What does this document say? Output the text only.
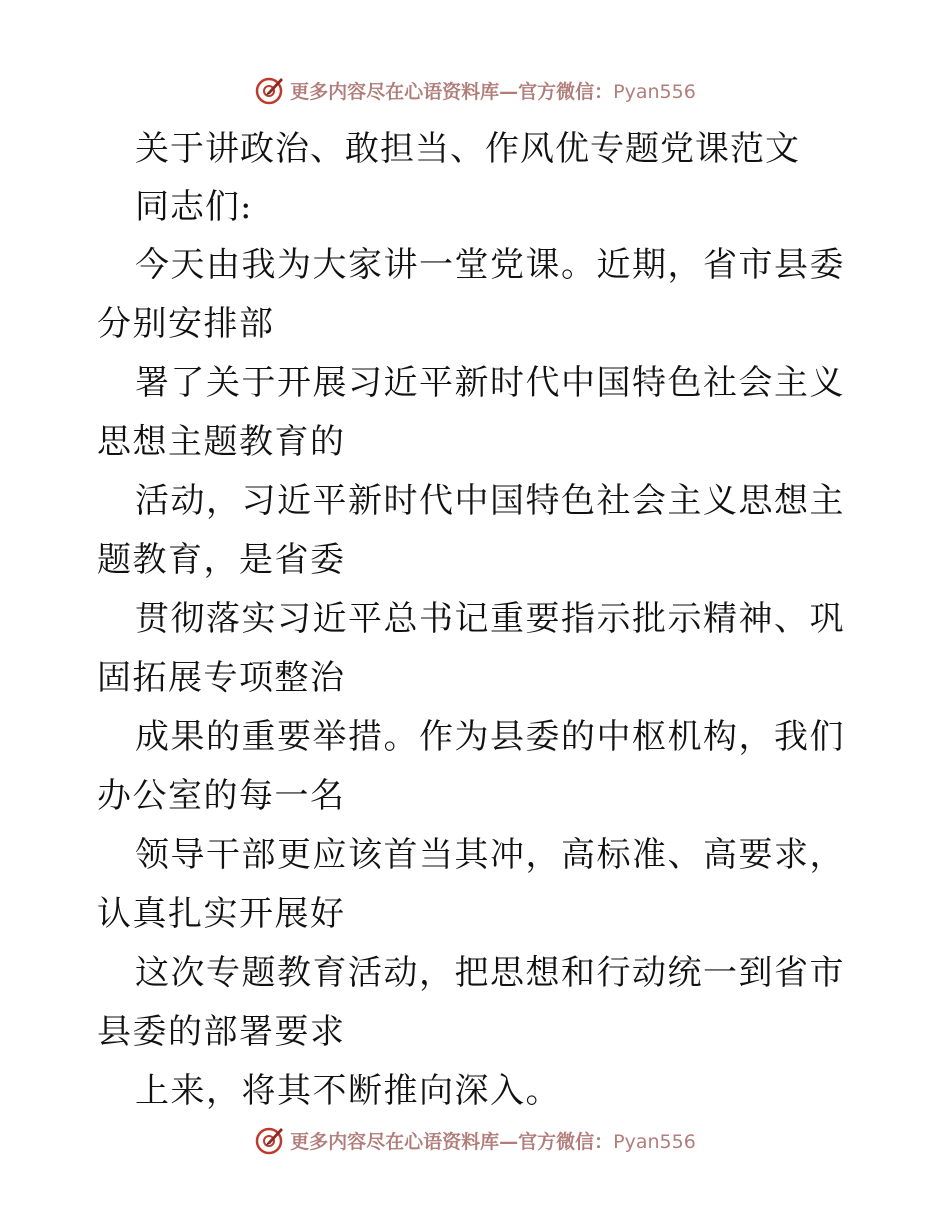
更多内容尽在心语资料库—官方微信：Pyan556

关于讲政治、敢担当、作风优专题党课范文

同志们:

今天由我为大家讲一堂党课。近期，省市县委分别安排部

署了关于开展习近平新时代中国特色社会主义思想主题教育的

活动，习近平新时代中国特色社会主义思想主题教育，是省委

贯彻落实习近平总书记重要指示批示精神、巩固拓展专项整治

成果的重要举措。作为县委的中枢机构，我们办公室的每一名

领导干部更应该首当其冲，高标准、高要求，认真扎实开展好

这次专题教育活动，把思想和行动统一到省市县委的部署要求

上来，将其不断推向深入。

更多内容尽在心语资料库—官方微信：Pyan556
